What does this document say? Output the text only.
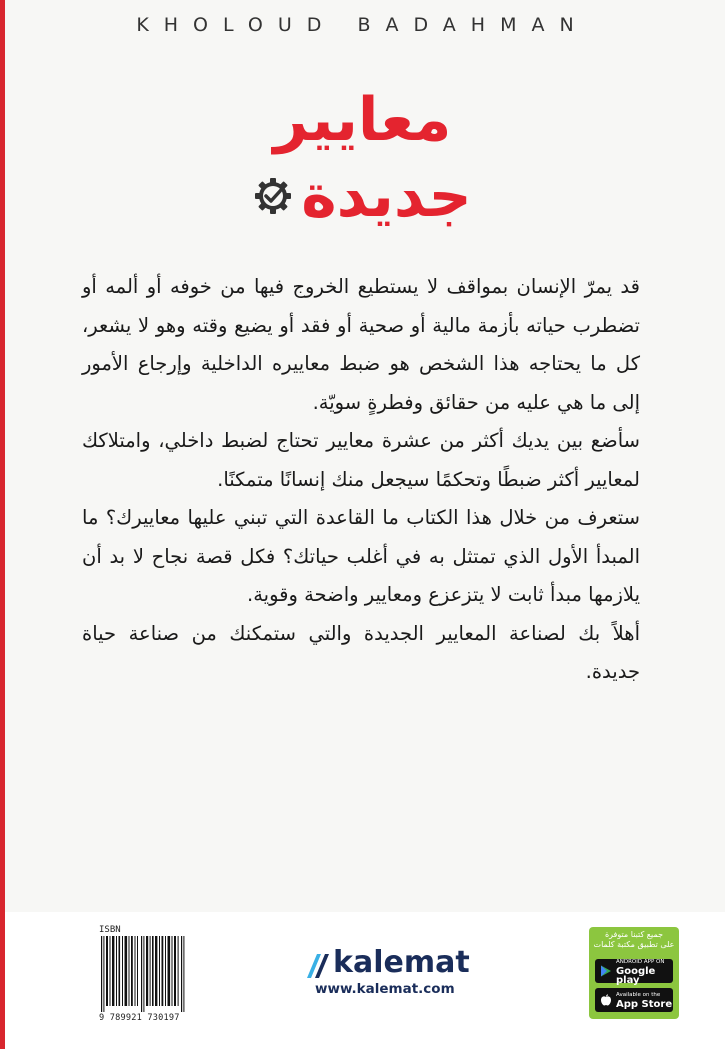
KHOLOUD BADAHMAN
معايير
جديدة

قد يمرّ الإنسان بمواقف لا يستطيع الخروج فيها من خوفه أو ألمه أو تضطرب حياته بأزمة مالية أو صحية أو فقد أو يضيع وقته وهو لا يشعر، كل ما يحتاجه هذا الشخص هو ضبط معاييره الداخلية وإرجاع الأمور إلى ما هي عليه من حقائق وفطرةٍ سويّة.

سأضع بين يديك أكثر من عشرة معايير تحتاج لضبط داخلي، وامتلاكك لمعايير أكثر ضبطًا وتحكمًا سيجعل منك إنسانًا متمكنًا.

ستعرف من خلال هذا الكتاب ما القاعدة التي تبني عليها معاييرك؟ ما المبدأ الأول الذي تمتثل به في أغلب حياتك؟ فكل قصة نجاح لا بد أن يلازمها مبدأ ثابت لا يتزعزع ومعايير واضحة وقوية.

أهلاً بك لصناعة المعايير الجديدة والتي ستمكنك من صناعة حياة جديدة.

ISBN
9 789921 730197
kalemat
www.kalemat.com
جميع كتبنا متوفرة
على تطبيق مكتبة كلمات
ANDROID APP ON
Google play
Available on the
App Store
